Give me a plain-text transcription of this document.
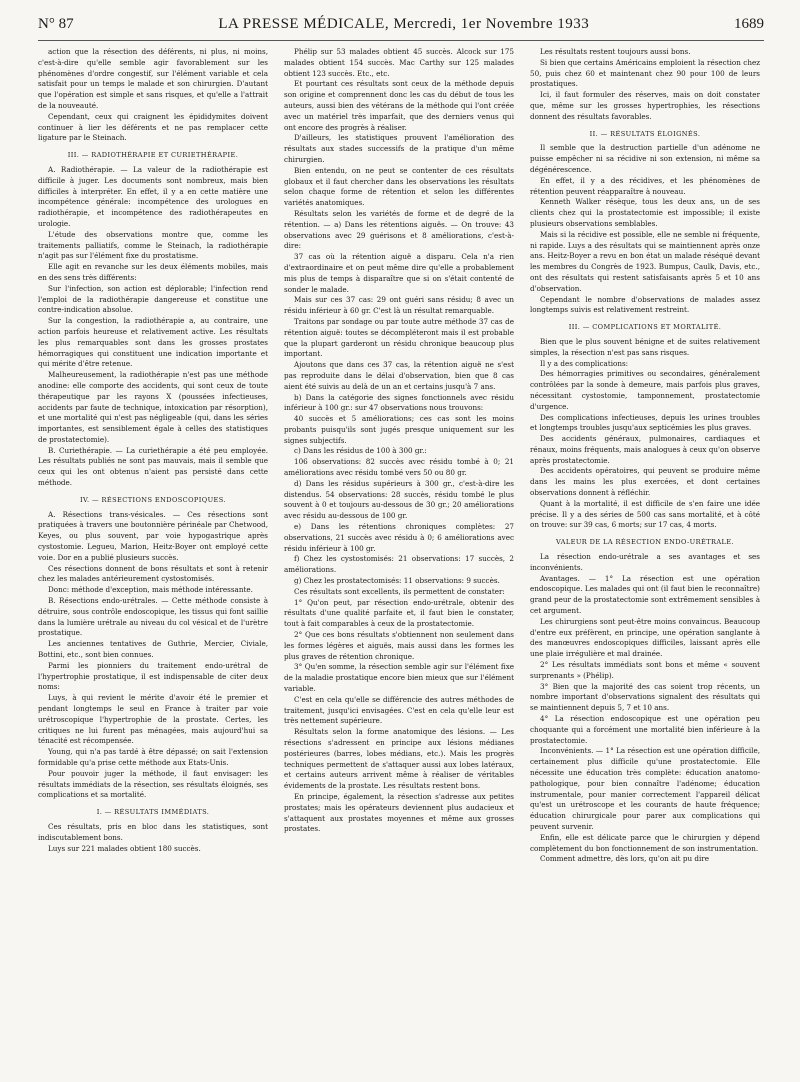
N° 87	LA PRESSE MÉDICALE, Mercredi, 1er Novembre 1933	1689

action que la résection des déférents, ni plus, ni moins, c'est-à-dire qu'elle semble agir favorablement sur les phénomènes d'ordre congestif, sur l'élément variable et cela satisfait pour un temps le malade et son chirurgien. D'autant que l'opération est simple et sans risques, et qu'elle a l'attrait de la nouveauté.

Cependant, ceux qui craignent les épididymites doivent continuer à lier les déférents et ne pas remplacer cette ligature par le Steinach.

III. — RADIOTHÉRAPIE ET CURIETHÉRAPIE.

A. Radiothérapie. — La valeur de la radiothérapie est difficile à juger. Les documents sont nombreux, mais bien difficiles à interpréter. En effet, il y a en cette matière une incompétence générale: incompétence des urologues en radiothérapie, et incompétence des radiothérapeutes en urologie.

L'étude des observations montre que, comme les traitements palliatifs, comme le Steinach, la radiothérapie n'agit pas sur l'élément fixe du prostatisme.

Elle agit en revanche sur les deux éléments mobiles, mais en des sens très différents:

Sur l'infection, son action est déplorable; l'infection rend l'emploi de la radiothérapie dangereuse et constitue une contre-indication absolue.

Sur la congestion, la radiothérapie a, au contraire, une action parfois heureuse et relativement active. Les résultats les plus remarquables sont dans les grosses prostates hémorragiques qui constituent une indication importante et qui mérite d'être retenue.

Malheureusement, la radiothérapie n'est pas une méthode anodine: elle comporte des accidents, qui sont ceux de toute thérapeutique par les rayons X (poussées infectieuses, accidents par faute de technique, intoxication par résorption), et une mortalité qui n'est pas négligeable (qui, dans les séries importantes, est sensiblement égale à celles des statistiques de prostatectomie).

B. Curiethérapie. — La curiethérapie a été peu employée. Les résultats publiés ne sont pas mauvais, mais il semble que ceux qui les ont obtenus n'aient pas persisté dans cette méthode.

IV. — RÉSECTIONS ENDOSCOPIQUES.

A. Résections trans-vésicales. — Ces résections sont pratiquées à travers une boutonnière périnéale par Chetwood, Keyes, ou plus souvent, par voie hypogastrique après cystostomie. Legueu, Marion, Heitz-Boyer ont employé cette voie. Dor en a publié plusieurs succès.

Ces résections donnent de bons résultats et sont à retenir chez les malades antérieurement cystostomisés.

Donc: méthode d'exception, mais méthode intéressante.

B. Résections endo-urétrales. — Cette méthode consiste à détruire, sous contrôle endoscopique, les tissus qui font saillie dans la lumière urétrale au niveau du col vésical et de l'urètre prostatique.

Les anciennes tentatives de Guthrie, Mercier, Civiale, Bottini, etc., sont bien connues.

Parmi les pionniers du traitement endo-urétral de l'hypertrophie prostatique, il est indispensable de citer deux noms:

Luys, à qui revient le mérite d'avoir été le premier et pendant longtemps le seul en France à traiter par voie urétroscopique l'hypertrophie de la prostate. Certes, les critiques ne lui furent pas ménagées, mais aujourd'hui sa ténacité est récompensée.

Young, qui n'a pas tardé à être dépassé; on sait l'extension formidable qu'a prise cette méthode aux Etats-Unis.

Pour pouvoir juger la méthode, il faut envisager: les résultats immédiats de la résection, ses résultats éloignés, ses complications et sa mortalité.

I. — RÉSULTATS IMMÉDIATS.

Ces résultats, pris en bloc dans les statistiques, sont indiscutablement bons.

Luys sur 221 malades obtient 180 succès.

Phélip sur 53 malades obtient 45 succès. Alcock sur 175 malades obtient 154 succès. Mac Carthy sur 125 malades obtient 123 succès. Etc., etc.

Et pourtant ces résultats sont ceux de la méthode depuis son origine et comprennent donc les cas du début de tous les auteurs, aussi bien des vétérans de la méthode qui l'ont créée avec un matériel très imparfait, que des derniers venus qui ont encore des progrès à réaliser.

D'ailleurs, les statistiques prouvent l'amélioration des résultats aux stades successifs de la pratique d'un même chirurgien.

Bien entendu, on ne peut se contenter de ces résultats globaux et il faut chercher dans les observations les résultats selon chaque forme de rétention et selon les différentes variétés anatomiques.

Résultats selon les variétés de forme et de degré de la rétention. — a) Dans les rétentions aiguës. — On trouve: 43 observations avec 29 guérisons et 8 améliorations, c'est-à-dire:

37 cas où la rétention aiguë a disparu. Cela n'a rien d'extraordinaire et on peut même dire qu'elle a probablement mis plus de temps à disparaître que si on s'était contenté de sonder le malade.

Mais sur ces 37 cas: 29 ont guéri sans résidu; 8 avec un résidu inférieur à 60 gr. C'est là un résultat remarquable.

Traitons par sondage ou par toute autre méthode 37 cas de rétention aiguë: toutes se décompléteront mais il est probable que la plupart garderont un résidu chronique beaucoup plus important.

Ajoutons que dans ces 37 cas, la rétention aiguë ne s'est pas reproduite dans le délai d'observation, bien que 8 cas aient été suivis au delà de un an et certains jusqu'à 7 ans.

b) Dans la catégorie des signes fonctionnels avec résidu inférieur à 100 gr.: sur 47 observations nous trouvons:

40 succès et 5 améliorations; ces cas sont les moins probants puisqu'ils sont jugés presque uniquement sur les signes subjectifs.

c) Dans les résidus de 100 à 300 gr.:

106 observations: 82 succès avec résidu tombé à 0; 21 améliorations avec résidu tombé vers 50 ou 80 gr.

d) Dans les résidus supérieurs à 300 gr., c'est-à-dire les distendus. 54 observations: 28 succès, résidu tombé le plus souvent à 0 et toujours au-dessous de 30 gr.; 20 améliorations avec résidu au-dessous de 100 gr.

e) Dans les rétentions chroniques complètes: 27 observations, 21 succès avec résidu à 0; 6 améliorations avec résidu inférieur à 100 gr.

f) Chez les cystostomisés: 21 observations: 17 succès, 2 améliorations.

g) Chez les prostatectomisés: 11 observations: 9 succès.

Ces résultats sont excellents, ils permettent de constater:

1° Qu'on peut, par résection endo-urétrale, obtenir des résultats d'une qualité parfaite et, il faut bien le constater, tout à fait comparables à ceux de la prostatectomie.

2° Que ces bons résultats s'obtiennent non seulement dans les formes légères et aiguës, mais aussi dans les formes les plus graves de rétention chronique.

3° Qu'en somme, la résection semble agir sur l'élément fixe de la maladie prostatique encore bien mieux que sur l'élément variable.

C'est en cela qu'elle se différencie des autres méthodes de traitement, jusqu'ici envisagées. C'est en cela qu'elle leur est très nettement supérieure.

Résultats selon la forme anatomique des lésions. — Les résections s'adressent en principe aux lésions médianes postérieures (barres, lobes médians, etc.). Mais les progrès techniques permettent de s'attaquer aussi aux lobes latéraux, et certains auteurs arrivent même à réaliser de véritables évidements de la prostate. Les résultats restent bons.

En principe, également, la résection s'adresse aux petites prostates; mais les opérateurs deviennent plus audacieux et s'attaquent aux prostates moyennes et même aux grosses prostates.

Les résultats restent toujours aussi bons.

Si bien que certains Américains emploient la résection chez 50, puis chez 60 et maintenant chez 90 pour 100 de leurs prostatiques.

Ici, il faut formuler des réserves, mais on doit constater que, même sur les grosses hypertrophies, les résections donnent des résultats favorables.

II. — RÉSULTATS ÉLOIGNÉS.

Il semble que la destruction partielle d'un adénome ne puisse empêcher ni sa récidive ni son extension, ni même sa dégénérescence.

En effet, il y a des récidives, et les phénomènes de rétention peuvent réapparaître à nouveau.

Kenneth Walker résèque, tous les deux ans, un de ses clients chez qui la prostatectomie est impossible; il existe plusieurs observations semblables.

Mais si la récidive est possible, elle ne semble ni fréquente, ni rapide. Luys a des résultats qui se maintiennent après onze ans. Heitz-Boyer a revu en bon état un malade réséqué devant les membres du Congrès de 1923. Bumpus, Caulk, Davis, etc., ont des résultats qui restent satisfaisants après 5 et 10 ans d'observation.

Cependant le nombre d'observations de malades assez longtemps suivis est relativement restreint.

III. — COMPLICATIONS ET MORTALITÉ.

Bien que le plus souvent bénigne et de suites relativement simples, la résection n'est pas sans risques.

Il y a des complications:

Des hémorragies primitives ou secondaires, généralement contrôlées par la sonde à demeure, mais parfois plus graves, nécessitant cystostomie, tamponnement, prostatectomie d'urgence.

Des complications infectieuses, depuis les urines troubles et longtemps troubles jusqu'aux septicémies les plus graves.

Des accidents généraux, pulmonaires, cardiaques et rénaux, moins fréquents, mais analogues à ceux qu'on observe après prostatectomie.

Des accidents opératoires, qui peuvent se produire même dans les mains les plus exercées, et dont certaines observations donnent à réfléchir.

Quant à la mortalité, il est difficile de s'en faire une idée précise. Il y a des séries de 500 cas sans mortalité, et à côté on trouve: sur 39 cas, 6 morts; sur 17 cas, 4 morts.

VALEUR DE LA RÉSECTION ENDO-URÉTRALE.

La résection endo-urétrale a ses avantages et ses inconvénients.

Avantages. — 1° La résection est une opération endoscopique. Les malades qui ont (il faut bien le reconnaître) grand peur de la prostatectomie sont extrêmement sensibles à cet argument.

Les chirurgiens sont peut-être moins convaincus. Beaucoup d'entre eux préfèrent, en principe, une opération sanglante à des manœuvres endoscopiques difficiles, laissant après elle une plaie irrégulière et mal drainée.

2° Les résultats immédiats sont bons et même « souvent surprenants » (Phélip).

3° Bien que la majorité des cas soient trop récents, un nombre important d'observations signalent des résultats qui se maintiennent depuis 5, 7 et 10 ans.

4° La résection endoscopique est une opération peu choquante qui a forcément une mortalité bien inférieure à la prostatectomie.

Inconvénients. — 1° La résection est une opération difficile, certainement plus difficile qu'une prostatectomie. Elle nécessite une éducation très complète: éducation anatomo-pathologique, pour bien connaître l'adénome; éducation instrumentale, pour manier correctement l'appareil délicat qu'est un urétroscope et les courants de haute fréquence; éducation chirurgicale pour parer aux complications qui peuvent survenir.

Enfin, elle est délicate parce que le chirurgien y dépend complètement du bon fonctionnement de son instrumentation.

Comment admettre, dès lors, qu'on ait pu dire
